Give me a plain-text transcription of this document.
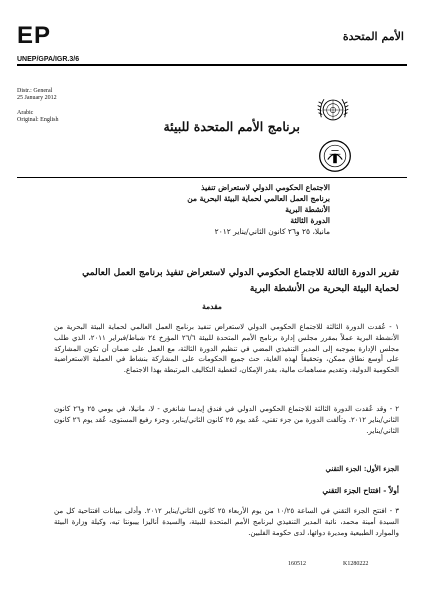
EP	الأمم المتحدة
UNEP/GPA/IGR.3/6
Distr.: General
25 January 2012
Arabic
Original: English	برنامج الأمم المتحدة للبيئة
الاجتماع الحكومي الدولي لاستعراض تنفيذ
برنامج العمل العالمي لحماية البيئة البحرية من
الأنشطة البرية
الدورة الثالثة
مانيلا، ٢٥ و٢٦ كانون الثاني/يناير ٢٠١٢
تقرير الدورة الثالثة للاجتماع الحكومي الدولي لاستعراض تنفيذ برنامج العمل العالمي لحماية البيئة البحرية من الأنشطة البرية
مقدمة
١ - عُقدت الدورة الثالثة للاجتماع الحكومي الدولي لاستعراض تنفيذ برنامج العمل العالمي لحماية البيئة البحرية من الأنشطة البرية عملاً بمقرر مجلس إدارة برنامج الأمم المتحدة للبيئة ٢٦/٦ المؤرخ ٢٤ شباط/فبراير ٢٠١١، الذي طلب مجلس الإدارة بموجبه إلى المدير التنفيذي المضي في تنظيم الدورة الثالثة، مع العمل على ضمان أن تكون المشاركة على أوسع نطاق ممكن، وتحقيقاً لهذه الغاية، حث جميع الحكومات على المشاركة بنشاط في العملية الاستعراضية الحكومية الدولية، وتقديم مساهمات مالية، بقدر الإمكان، لتغطية التكاليف المرتبطة بهذا الاجتماع.
٢ - وقد عُقدت الدورة الثالثة للاجتماع الحكومي الدولي في فندق إيدسا شانغري - لا، مانيلا، في يومي ٢٥ و٢٦ كانون الثاني/يناير ٢٠١٢. وتألفت الدورة من جزء تقني، عُقد يوم ٢٥ كانون الثاني/يناير، وجزء رفيع المستوى، عُقد يوم ٢٦ كانون الثاني/يناير.
الجزء الأول: الجزء التقني
أولاً - افتتاح الجزء التقني
٣ - افتتح الجزء التقني في الساعة ١٠/٢٥ من يوم الأربعاء ٢٥ كانون الثاني/يناير ٢٠١٢. وأدلى ببيانات افتتاحية كل من السيدة أمينة محمد، نائبة المدير التنفيذي لبرنامج الأمم المتحدة للبيئة، والسيدة أناليزا ييبونتا تيه، وكيلة وزارة البيئة والموارد الطبيعية ومديرة دوائها، لدى حكومة الفلبين.
160512	K1280222
